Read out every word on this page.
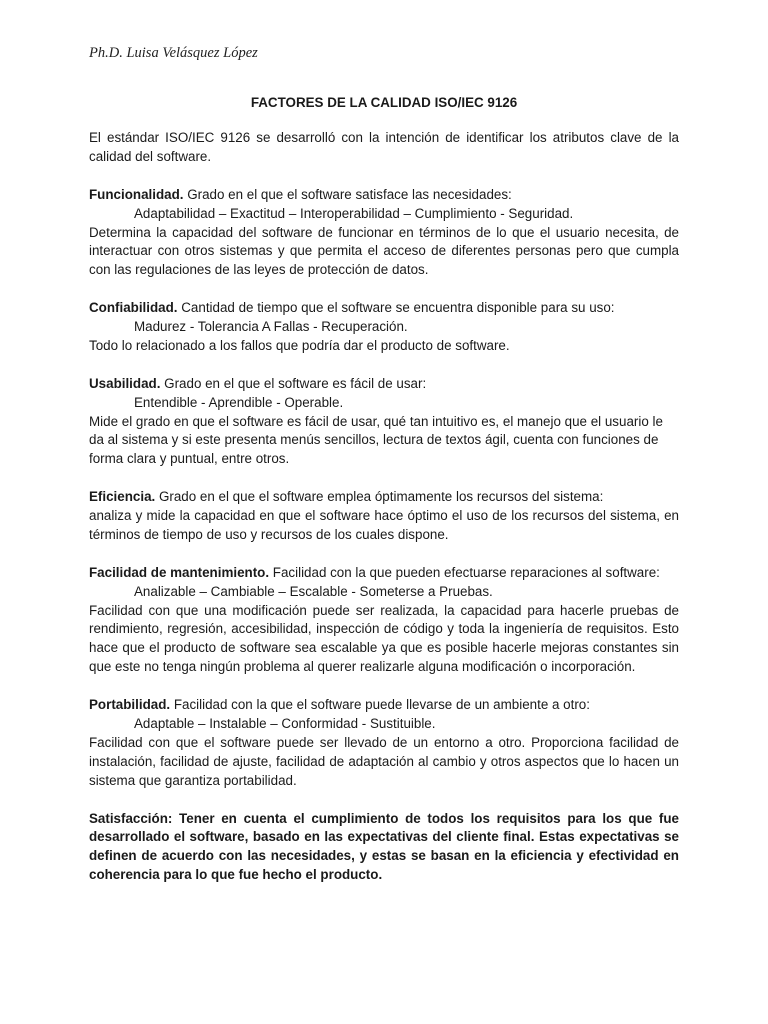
Ph.D. Luisa Velásquez López
FACTORES DE LA CALIDAD ISO/IEC 9126

El estándar ISO/IEC 9126 se desarrolló con la intención de identificar los atributos clave de la calidad del software.

Funcionalidad. Grado en el que el software satisface las necesidades:

Adaptabilidad – Exactitud – Interoperabilidad – Cumplimiento - Seguridad.

Determina la capacidad del software de funcionar en términos de lo que el usuario necesita, de interactuar con otros sistemas y que permita el acceso de diferentes personas pero que cumpla con las regulaciones de las leyes de protección de datos.

Confiabilidad. Cantidad de tiempo que el software se encuentra disponible para su uso:

Madurez - Tolerancia A Fallas - Recuperación.

Todo lo relacionado a los fallos que podría dar el producto de software.

Usabilidad. Grado en el que el software es fácil de usar:

Entendible - Aprendible - Operable.

Mide el grado en que el software es fácil de usar, qué tan intuitivo es, el manejo que el usuario le da al sistema y si este presenta menús sencillos, lectura de textos ágil, cuenta con funciones de forma clara y puntual, entre otros.

Eficiencia. Grado en el que el software emplea óptimamente los recursos del sistema:

analiza y mide la capacidad en que el software hace óptimo el uso de los recursos del sistema, en términos de tiempo de uso y recursos de los cuales dispone.

Facilidad de mantenimiento. Facilidad con la que pueden efectuarse reparaciones al software:

Analizable – Cambiable – Escalable - Someterse a Pruebas.

Facilidad con que una modificación puede ser realizada, la capacidad para hacerle pruebas de rendimiento, regresión, accesibilidad, inspección de código y toda la ingeniería de requisitos. Esto hace que el producto de software sea escalable ya que es posible hacerle mejoras constantes sin que este no tenga ningún problema al querer realizarle alguna modificación o incorporación.

Portabilidad. Facilidad con la que el software puede llevarse de un ambiente a otro:

Adaptable – Instalable – Conformidad - Sustituible.

Facilidad con que el software puede ser llevado de un entorno a otro. Proporciona facilidad de instalación, facilidad de ajuste, facilidad de adaptación al cambio y otros aspectos que lo hacen un sistema que garantiza portabilidad.

Satisfacción: Tener en cuenta el cumplimiento de todos los requisitos para los que fue desarrollado el software, basado en las expectativas del cliente final. Estas expectativas se definen de acuerdo con las necesidades, y estas se basan en la eficiencia y efectividad en coherencia para lo que fue hecho el producto.
